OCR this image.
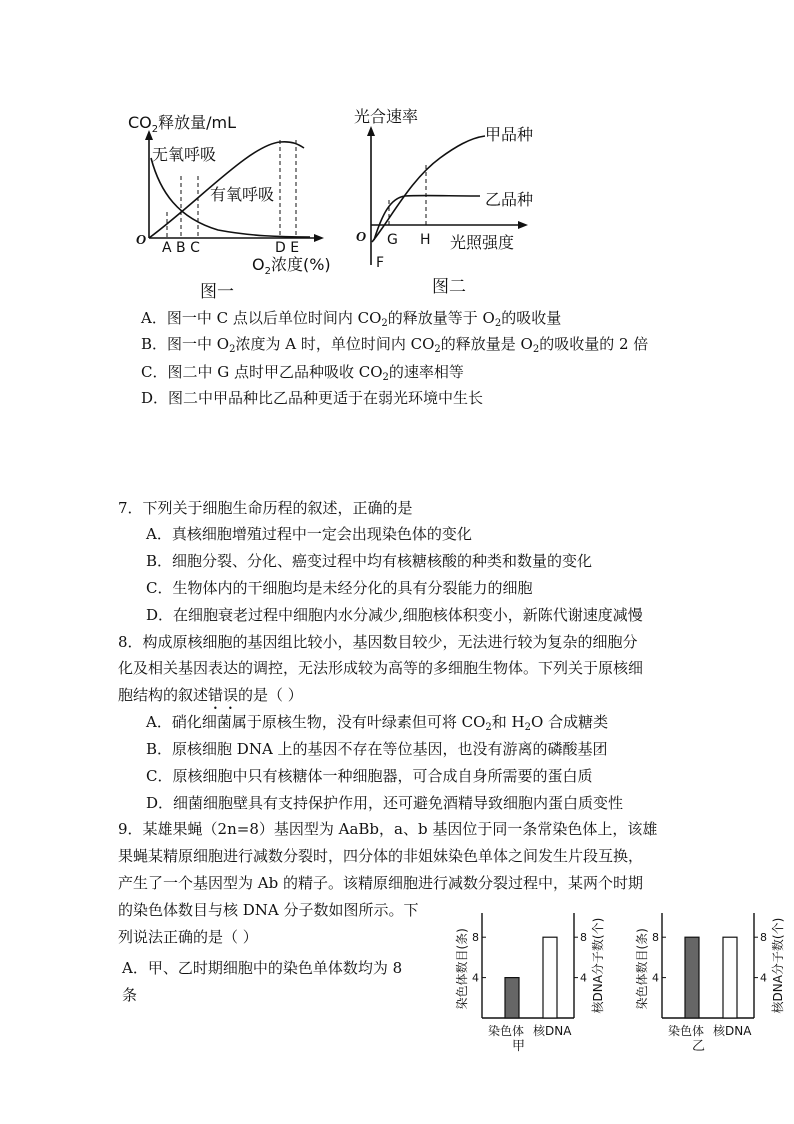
$CO_2$释放量/mL
无氧呼吸
有氧呼吸
O A B C	D E
$O_2$浓度(%)
图一
光合速率
甲品种
乙品种
O G H
F
光照强度
图二
A．图一中 C 点以后单位时间内 $CO_2$的释放量等于 $O_2$的吸收量
B．图一中 $O_2$浓度为 A 时，单位时间内 $CO_2$的释放量是 $O_2$的吸收量的 2 倍
C．图二中 G 点时甲乙品种吸收 $CO_2$的速率相等
D．图二中甲品种比乙品种更适于在弱光环境中生长
7．下列关于细胞生命历程的叙述，正确的是
A．真核细胞增殖过程中一定会出现染色体的变化
B．细胞分裂、分化、癌变过程中均有核糖核酸的种类和数量的变化
C．生物体内的干细胞均是未经分化的具有分裂能力的细胞
D．在细胞衰老过程中细胞内水分减少,细胞核体积变小，新陈代谢速度减慢
8．构成原核细胞的基因组比较小，基因数目较少，无法进行较为复杂的细胞分
化及相关基因表达的调控，无法形成较为高等的多细胞生物体。下列关于原核细
胞结构的叙述错误的是（ ）
A．硝化细菌属于原核生物，没有叶绿素但可将 $CO_2$和 $H_2O$ 合成糖类
B．原核细胞 DNA 上的基因不存在等位基因，也没有游离的磷酸基团
C．原核细胞中只有核糖体一种细胞器，可合成自身所需要的蛋白质
D．细菌细胞壁具有支持保护作用，还可避免酒精导致细胞内蛋白质变性
9．某雄果蝇（2n=8）基因型为 AaBb，a、b 基因位于同一条常染色体上，该雄
果蝇某精原细胞进行减数分裂时，四分体的非姐妹染色单体之间发生片段互换，
产生了一个基因型为 Ab 的精子。该精原细胞进行减数分裂过程中，某两个时期
的染色体数目与核 DNA 分子数如图所示。下
列说法正确的是（ ）
A．甲、乙时期细胞中的染色单体数均为 8
条
4	4
8	8
染色体 核DNA
甲
染色体数目(条)	核DNA分子数(个)	4	4
8	8
染色体 核DNA
乙
染色体数目(条)	核DNA分子数(个)
